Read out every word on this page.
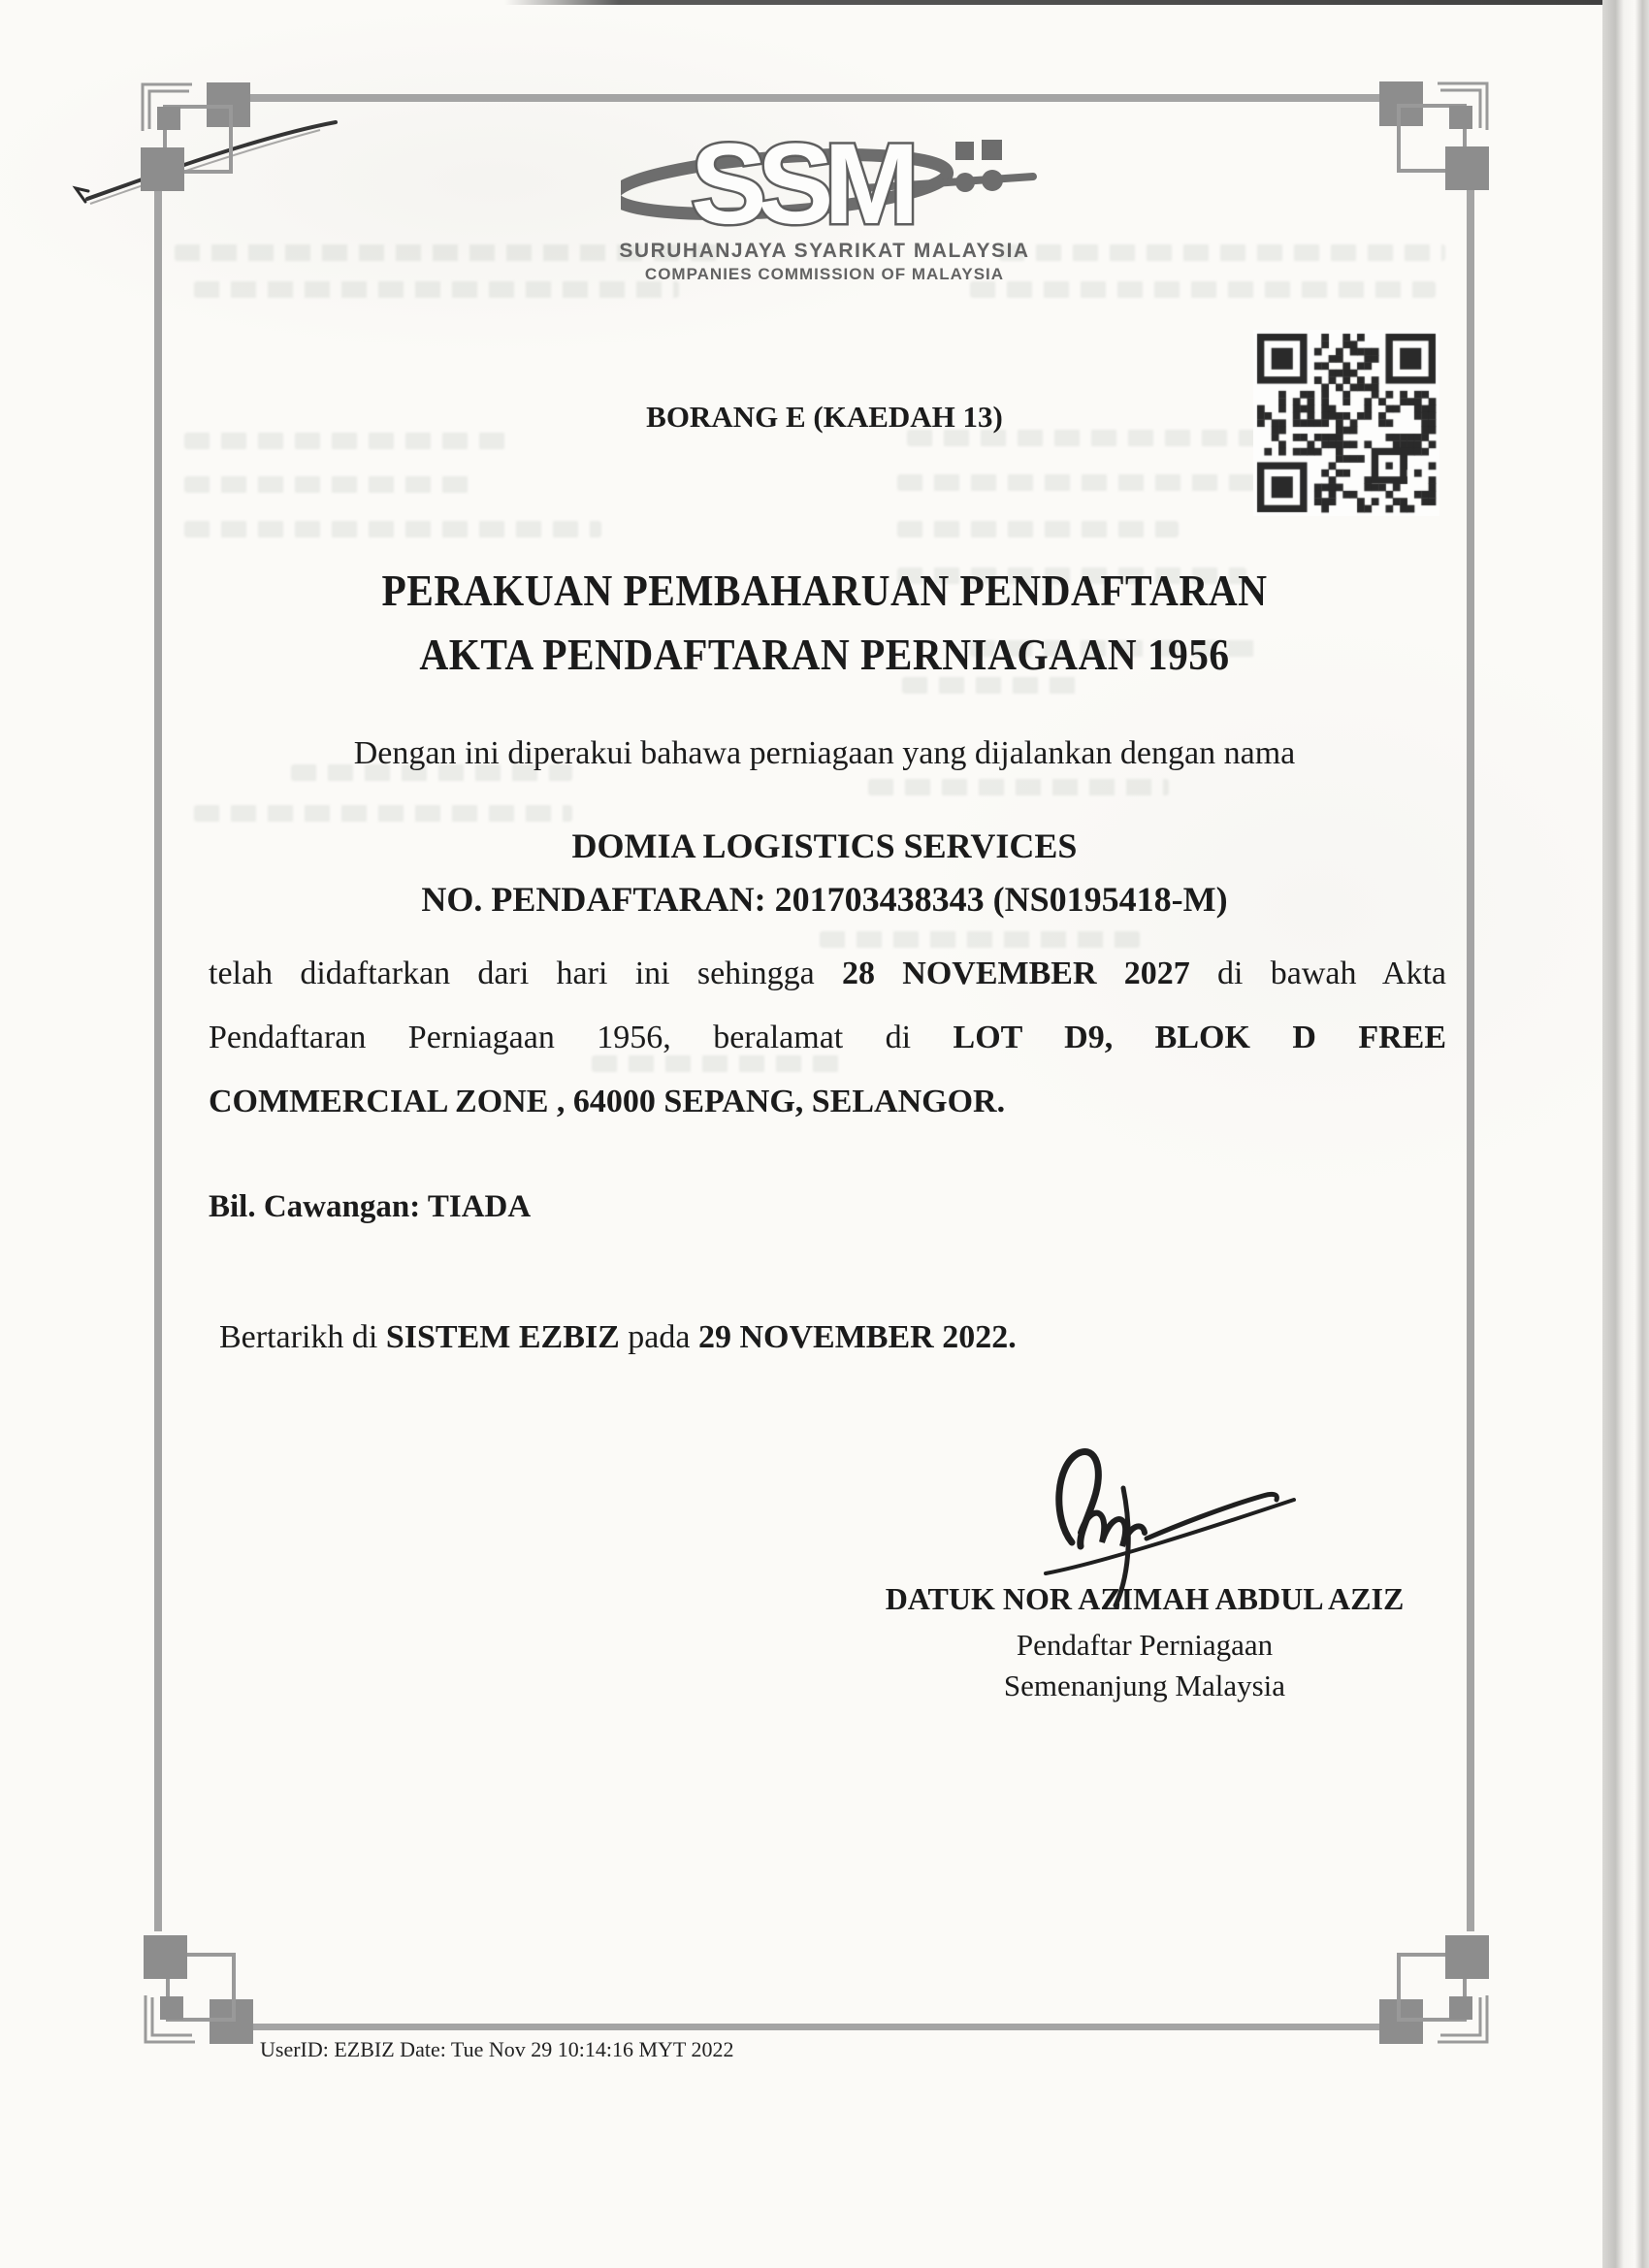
SSM
SURUHANJAYA SYARIKAT MALAYSIA
COMPANIES COMMISSION OF MALAYSIA
BORANG E (KAEDAH 13)
PERAKUAN PEMBAHARUAN PENDAFTARAN
AKTA PENDAFTARAN PERNIAGAAN 1956
Dengan ini diperakui bahawa perniagaan yang dijalankan dengan nama
DOMIA LOGISTICS SERVICES
NO. PENDAFTARAN: 201703438343 (NS0195418-M)
telah didaftarkan dari hari ini sehingga 28 NOVEMBER 2027 di bawah Akta
Pendaftaran Perniagaan 1956, beralamat di LOT D9, BLOK D FREE
COMMERCIAL ZONE , 64000 SEPANG, SELANGOR.
Bil. Cawangan: TIADA
Bertarikh di SISTEM EZBIZ pada 29 NOVEMBER 2022.
DATUK NOR AZIMAH ABDUL AZIZ
Pendaftar Perniagaan
Semenanjung Malaysia
UserID: EZBIZ Date: Tue Nov 29 10:14:16 MYT 2022
